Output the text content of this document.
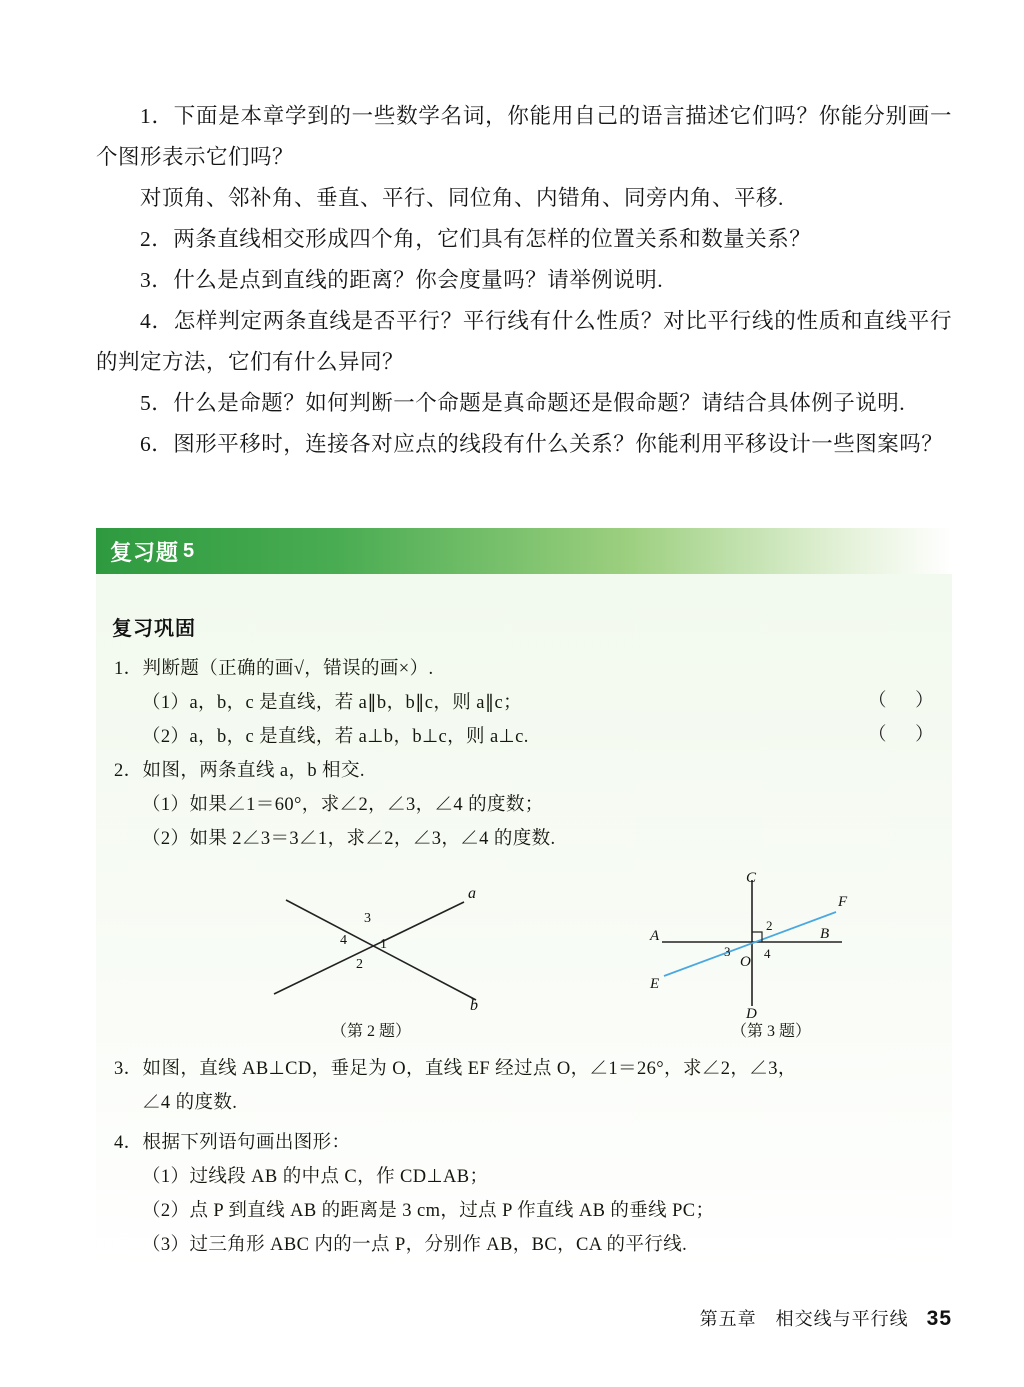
1．下面是本章学到的一些数学名词，你能用自己的语言描述它们吗？你能分别画一个图形表示它们吗？
对顶角、邻补角、垂直、平行、同位角、内错角、同旁内角、平移.
2．两条直线相交形成四个角，它们具有怎样的位置关系和数量关系？
3．什么是点到直线的距离？你会度量吗？请举例说明.
4．怎样判定两条直线是否平行？平行线有什么性质？对比平行线的性质和直线平行的判定方法，它们有什么异同？
5．什么是命题？如何判断一个命题是真命题还是假命题？请结合具体例子说明.
6．图形平移时，连接各对应点的线段有什么关系？你能利用平移设计一些图案吗？
复习题 5
复习巩固
1．判断题（正确的画√，错误的画×）.
（1）a，b，c 是直线，若 a∥b，b∥c，则 a∥c；
（2）a，b，c 是直线，若 a⊥b，b⊥c，则 a⊥c.
（ ）
（ ）
2．如图，两条直线 a，b 相交.
（1）如果∠1＝60°，求∠2，∠3，∠4 的度数；
（2）如果 2∠3＝3∠1，求∠2，∠3，∠4 的度数.
a
b
3
4 1
2
（第 2 题）
C
D
A	B
E
F
O
2
4
3
（第 3 题）
3．如图，直线 AB⊥CD，垂足为 O，直线 EF 经过点 O，∠1＝26°，求∠2，∠3，
∠4 的度数.
4．根据下列语句画出图形：
（1）过线段 AB 的中点 C，作 CD⊥AB；
（2）点 P 到直线 AB 的距离是 3 cm，过点 P 作直线 AB 的垂线 PC；
（3）过三角形 ABC 内的一点 P，分别作 AB，BC，CA 的平行线.
第五章　相交线与平行线 35
